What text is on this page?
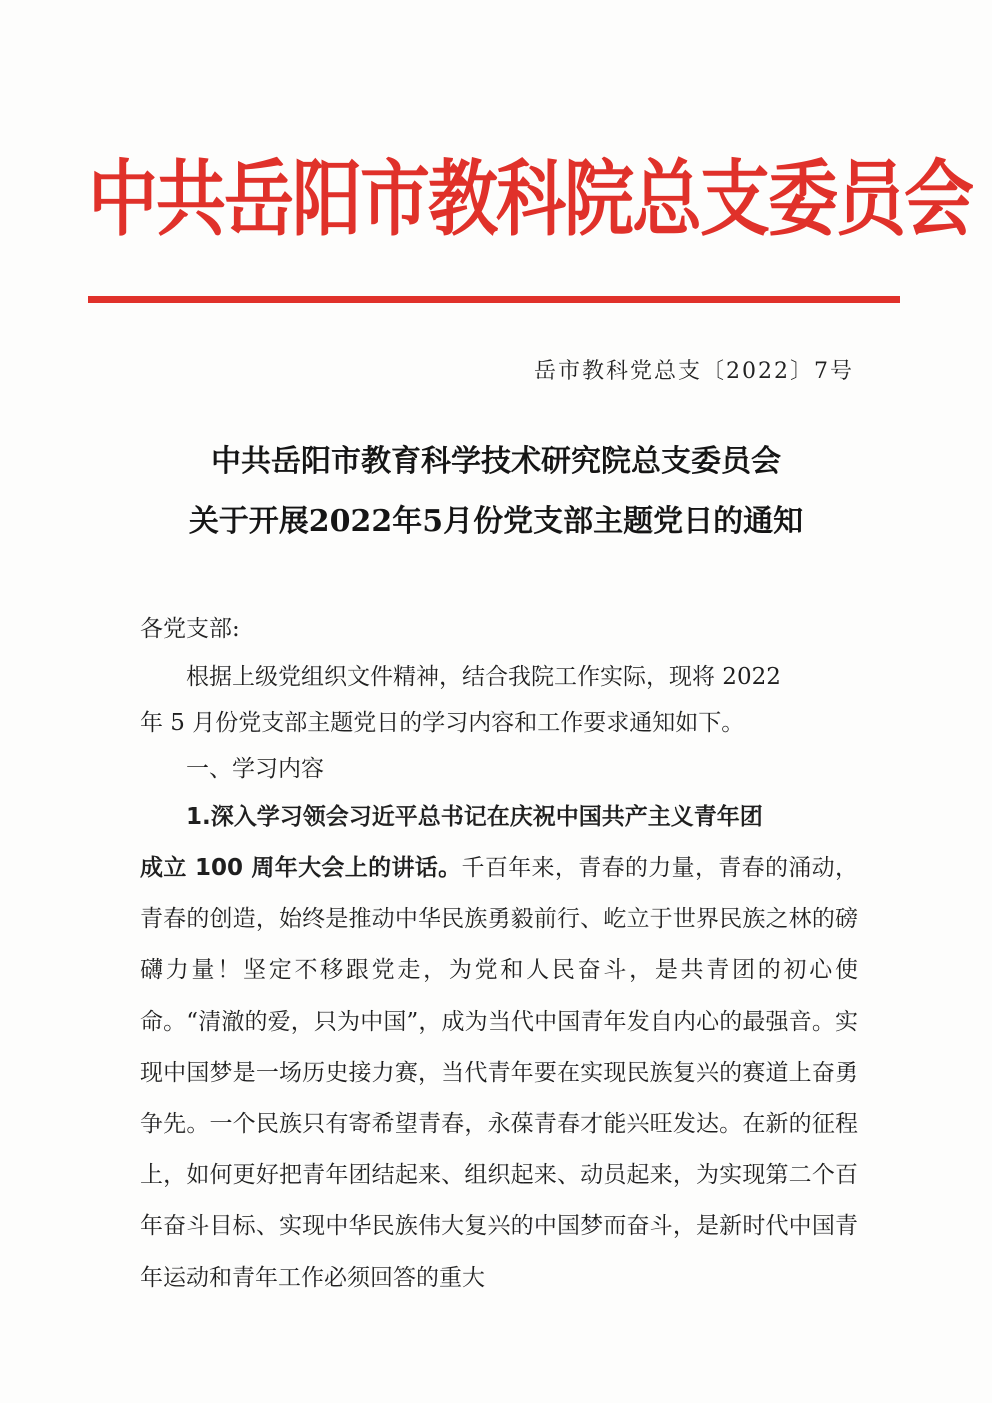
中共岳阳市教科院总支委员会
岳市教科党总支〔2022〕7号
中共岳阳市教育科学技术研究院总支委员会
关于开展2022年5月份党支部主题党日的通知
各党支部:
根据上级党组织文件精神，结合我院工作实际，现将 2022
年 5 月份党支部主题党日的学习内容和工作要求通知如下。
一、学习内容
1.深入学习领会习近平总书记在庆祝中国共产主义青年团
成立 100 周年大会上的讲话。千百年来，青春的力量，青春的涌动，青春的创造，始终是推动中华民族勇毅前行、屹立于世界民族之林的磅礴力量！坚定不移跟党走，为党和人民奋斗，是共青团的初心使命。“清澈的爱，只为中国”，成为当代中国青年发自内心的最强音。实现中国梦是一场历史接力赛，当代青年要在实现民族复兴的赛道上奋勇争先。一个民族只有寄希望青春，永葆青春才能兴旺发达。在新的征程上，如何更好把青年团结起来、组织起来、动员起来，为实现第二个百年奋斗目标、实现中华民族伟大复兴的中国梦而奋斗，是新时代中国青年运动和青年工作必须回答的重大
